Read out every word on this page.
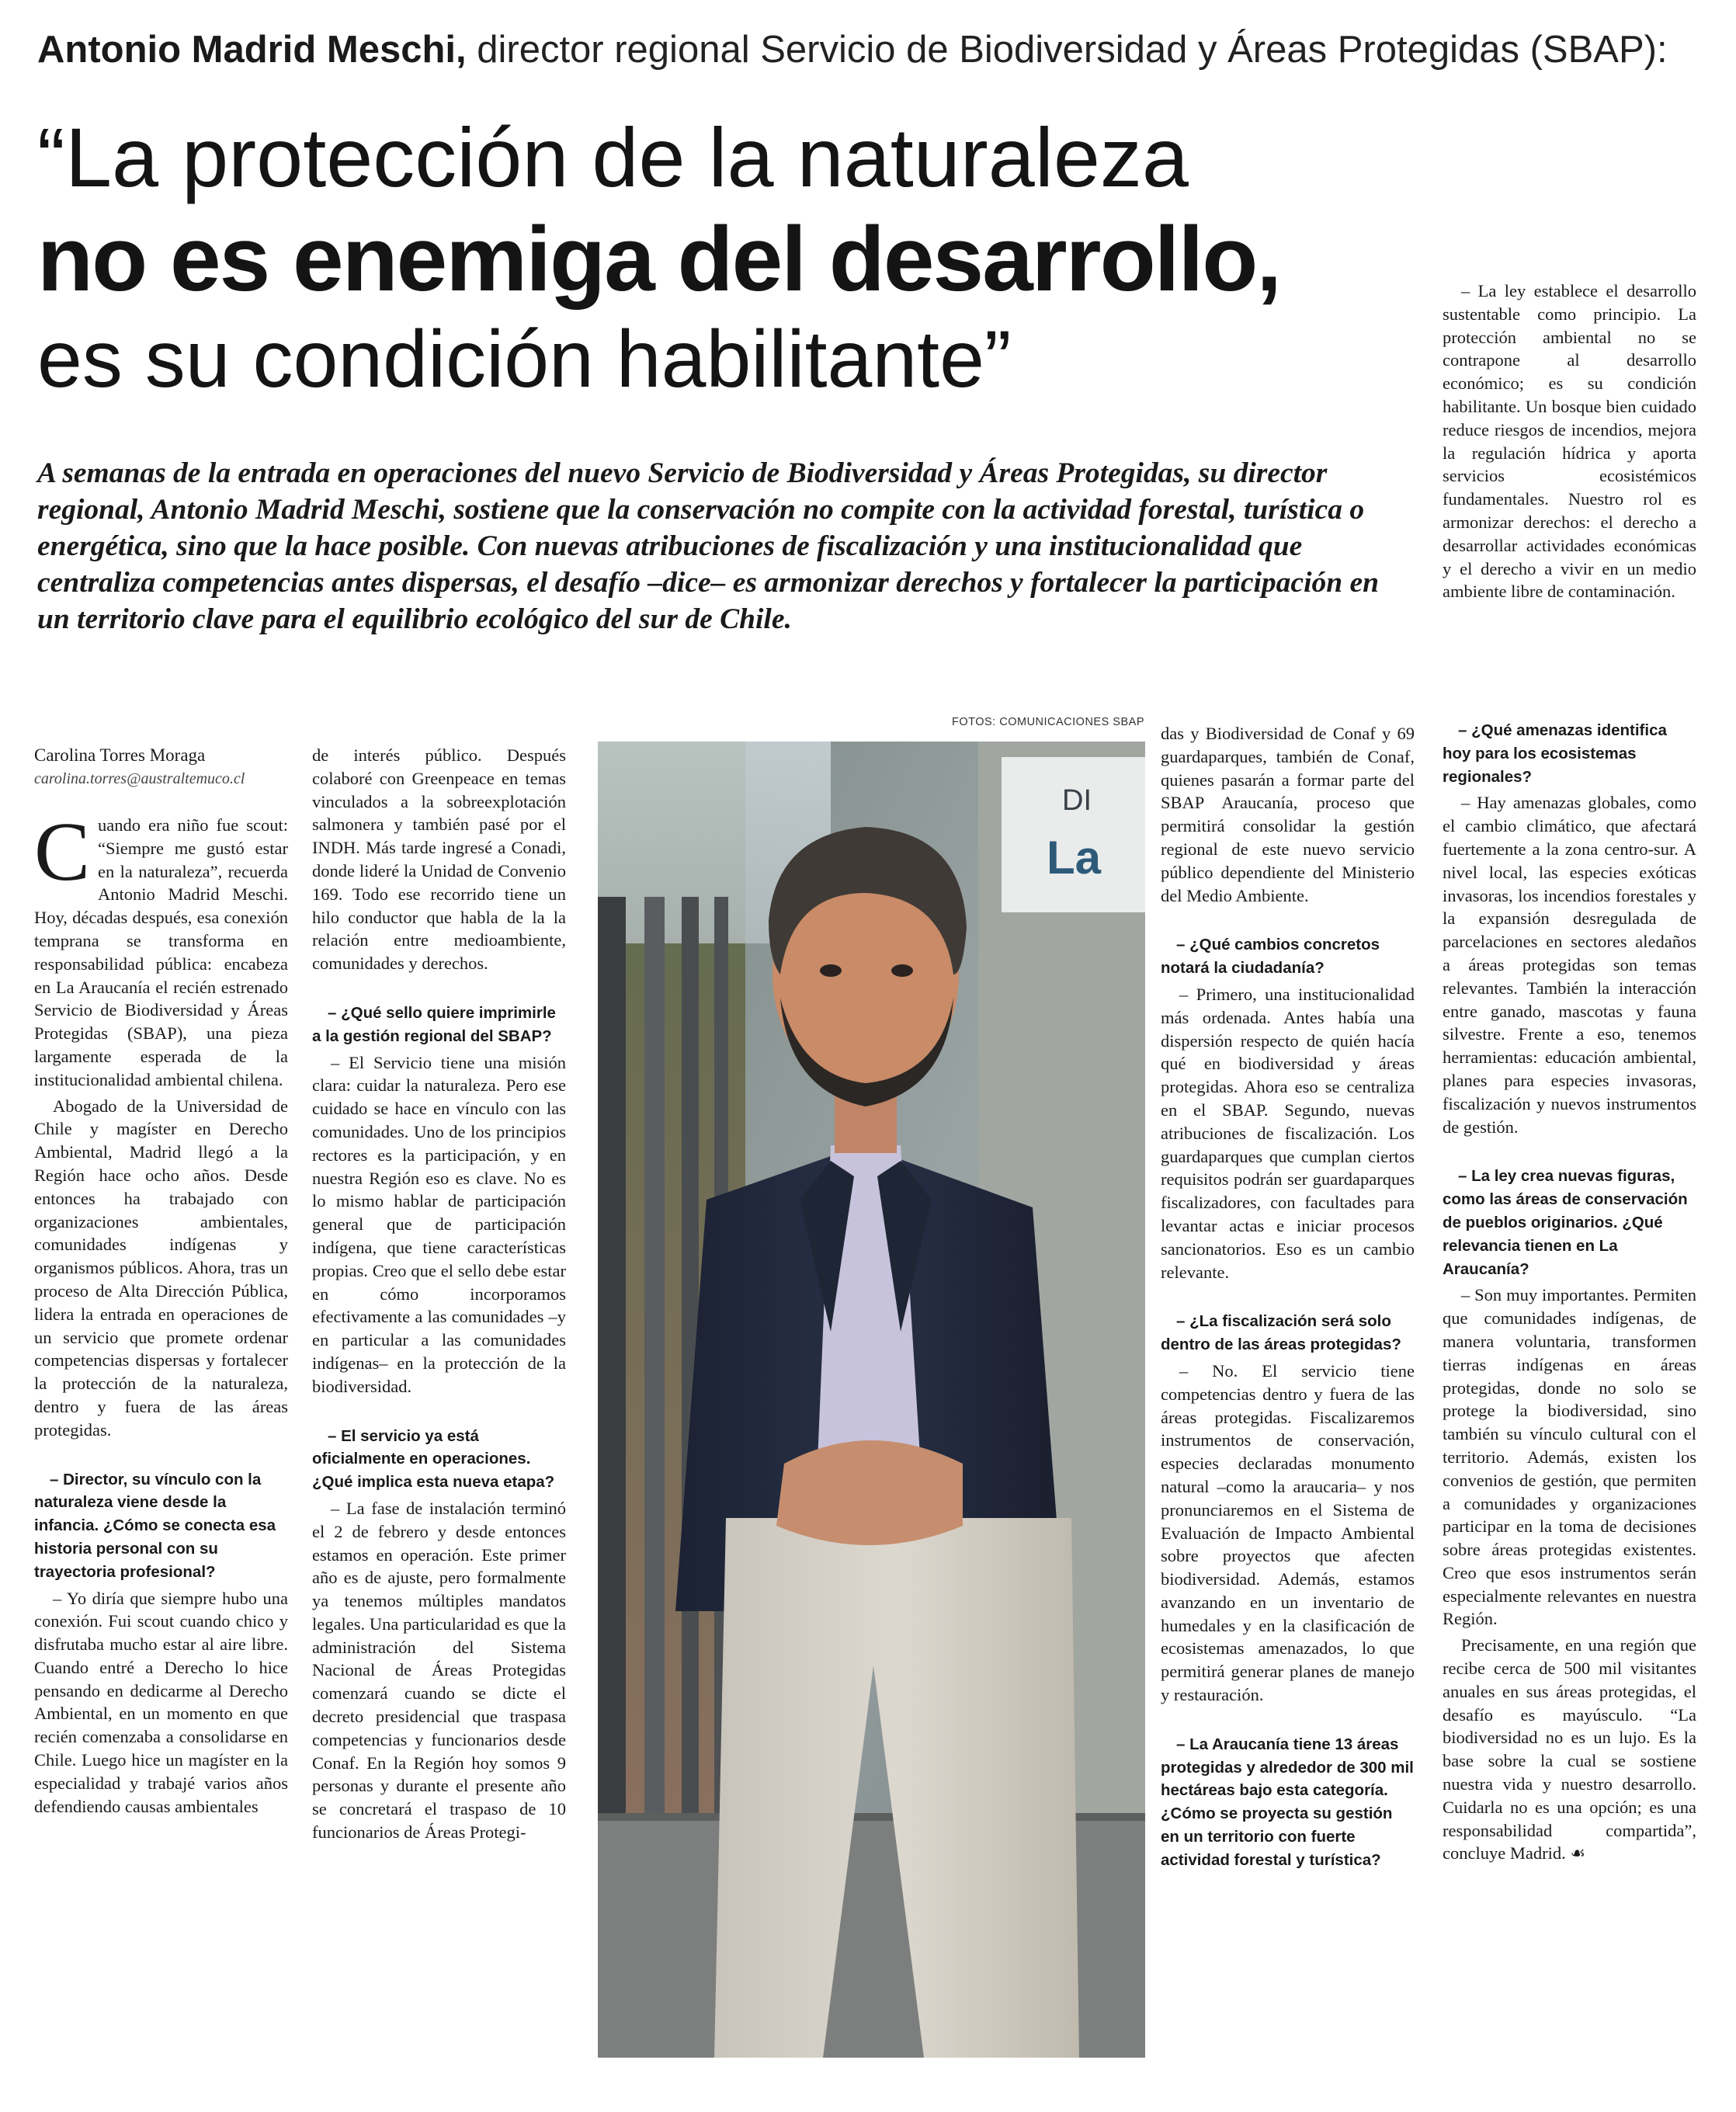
Antonio Madrid Meschi, director regional Servicio de Biodiversidad y Áreas Protegidas (SBAP):
“La protección de la naturaleza
no es enemiga del desarrollo,
es su condición habilitante”
A semanas de la entrada en operaciones del nuevo Servicio de Biodiversidad y Áreas Protegidas, su director regional, Antonio Madrid Meschi, sostiene que la conservación no compite con la actividad forestal, turística o energética, sino que la hace posible. Con nuevas atribuciones de fiscalización y una institucionalidad que centraliza competencias antes dispersas, el desafío –dice– es armonizar derechos y fortalecer la participación en un territorio clave para el equilibrio ecológico del sur de Chile.

– La ley establece el desarrollo sustentable como principio. La protección ambiental no se contrapone al desarrollo económico; es su condición habilitante. Un bosque bien cuidado reduce riesgos de incendios, mejora la regulación hídrica y aporta servicios ecosistémicos fundamentales. Nuestro rol es armonizar derechos: el derecho a desarrollar actividades económicas y el derecho a vivir en un medio ambiente libre de contaminación.

FOTOS: COMUNICACIONES SBAP
DI
La
Carolina Torres Moraga
carolina.torres@australtemuco.cl

Cuando era niño fue scout: “Siempre me gustó estar en la naturaleza”, recuerda Antonio Madrid Meschi. Hoy, décadas después, esa conexión temprana se transforma en responsabilidad pública: encabeza en La Araucanía el recién estrenado Servicio de Biodiversidad y Áreas Protegidas (SBAP), una pieza largamente esperada de la institucionalidad ambiental chilena.

Abogado de la Universidad de Chile y magíster en Derecho Ambiental, Madrid llegó a la Región hace ocho años. Desde entonces ha trabajado con organizaciones ambientales, comunidades indígenas y organismos públicos. Ahora, tras un proceso de Alta Dirección Pública, lidera la entrada en operaciones de un servicio que promete ordenar competencias dispersas y fortalecer la protección de la naturaleza, dentro y fuera de las áreas protegidas.

– Director, su vínculo con la naturaleza viene desde la infancia. ¿Cómo se conecta esa historia personal con su trayectoria profesional?

– Yo diría que siempre hubo una conexión. Fui scout cuando chico y disfrutaba mucho estar al aire libre. Cuando entré a Derecho lo hice pensando en dedicarme al Derecho Ambiental, en un momento en que recién comenzaba a consolidarse en Chile. Luego hice un magíster en la especialidad y trabajé varios años defendiendo causas ambientales

de interés público. Después colaboré con Greenpeace en temas vinculados a la sobreexplotación salmonera y también pasé por el INDH. Más tarde ingresé a Conadi, donde lideré la Unidad de Convenio 169. Todo ese recorrido tiene un hilo conductor que habla de la la relación entre medioambiente, comunidades y derechos.

– ¿Qué sello quiere imprimirle a la gestión regional del SBAP?

– El Servicio tiene una misión clara: cuidar la naturaleza. Pero ese cuidado se hace en vínculo con las comunidades. Uno de los principios rectores es la participación, y en nuestra Región eso es clave. No es lo mismo hablar de participación general que de participación indígena, que tiene características propias. Creo que el sello debe estar en cómo incorporamos efectivamente a las comunidades –y en particular a las comunidades indígenas– en la protección de la biodiversidad.

– El servicio ya está oficialmente en operaciones. ¿Qué implica esta nueva etapa?

– La fase de instalación terminó el 2 de febrero y desde entonces estamos en operación. Este primer año es de ajuste, pero formalmente ya tenemos múltiples mandatos legales. Una particularidad es que la administración del Sistema Nacional de Áreas Protegidas comenzará cuando se dicte el decreto presidencial que traspasa competencias y funcionarios desde Conaf. En la Región hoy somos 9 personas y durante el presente año se concretará el traspaso de 10 funcionarios de Áreas Protegi-

das y Biodiversidad de Conaf y 69 guardaparques, también de Conaf, quienes pasarán a formar parte del SBAP Araucanía, proceso que permitirá consolidar la gestión regional de este nuevo servicio público dependiente del Ministerio del Medio Ambiente.

– ¿Qué cambios concretos notará la ciudadanía?

– Primero, una institucionalidad más ordenada. Antes había una dispersión respecto de quién hacía qué en biodiversidad y áreas protegidas. Ahora eso se centraliza en el SBAP. Segundo, nuevas atribuciones de fiscalización. Los guardaparques que cumplan ciertos requisitos podrán ser guardaparques fiscalizadores, con facultades para levantar actas e iniciar procesos sancionatorios. Eso es un cambio relevante.

– ¿La fiscalización será solo dentro de las áreas protegidas?

– No. El servicio tiene competencias dentro y fuera de las áreas protegidas. Fiscalizaremos instrumentos de conservación, especies declaradas monumento natural –como la araucaria– y nos pronunciaremos en el Sistema de Evaluación de Impacto Ambiental sobre proyectos que afecten biodiversidad. Además, estamos avanzando en un inventario de humedales y en la clasificación de ecosistemas amenazados, lo que permitirá generar planes de manejo y restauración.

– La Araucanía tiene 13 áreas protegidas y alrededor de 300 mil hectáreas bajo esta categoría. ¿Cómo se proyecta su gestión en un territorio con fuerte actividad forestal y turística?

– ¿Qué amenazas identifica hoy para los ecosistemas regionales?

– Hay amenazas globales, como el cambio climático, que afectará fuertemente a la zona centro-sur. A nivel local, las especies exóticas invasoras, los incendios forestales y la expansión desregulada de parcelaciones en sectores aledaños a áreas protegidas son temas relevantes. También la interacción entre ganado, mascotas y fauna silvestre. Frente a eso, tenemos herramientas: educación ambiental, planes para especies invasoras, fiscalización y nuevos instrumentos de gestión.

– La ley crea nuevas figuras, como las áreas de conservación de pueblos originarios. ¿Qué relevancia tienen en La Araucanía?

– Son muy importantes. Permiten que comunidades indígenas, de manera voluntaria, transformen tierras indígenas en áreas protegidas, donde no solo se protege la biodiversidad, sino también su vínculo cultural con el territorio. Además, existen los convenios de gestión, que permiten a comunidades y organizaciones participar en la toma de decisiones sobre áreas protegidas existentes. Creo que esos instrumentos serán especialmente relevantes en nuestra Región.

Precisamente, en una región que recibe cerca de 500 mil visitantes anuales en sus áreas protegidas, el desafío es mayúsculo. “La biodiversidad no es un lujo. Es la base sobre la cual se sostiene nuestra vida y nuestro desarrollo. Cuidarla no es una opción; es una responsabilidad compartida”, concluye Madrid. ☙
